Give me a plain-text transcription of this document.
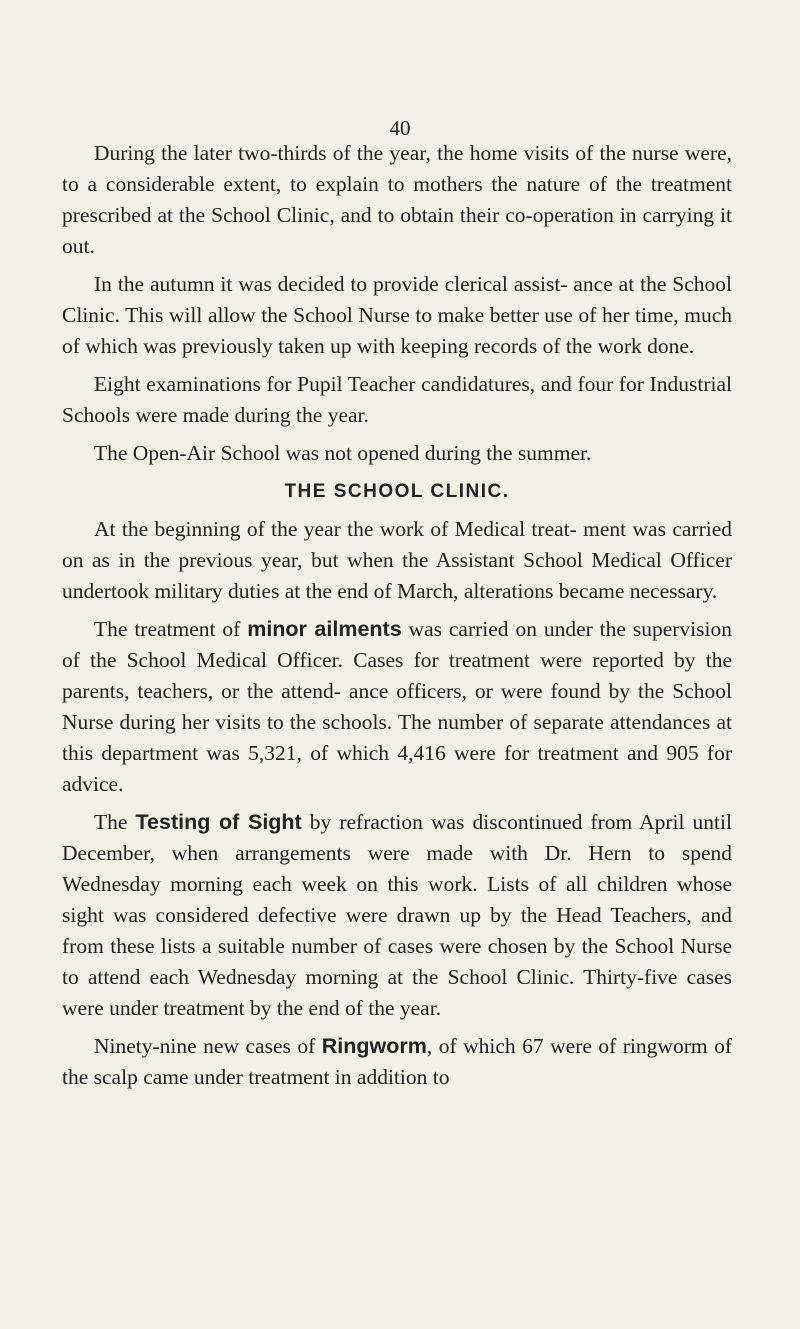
40

During the later two-thirds of the year, the home visits of the nurse were, to a considerable extent, to explain to mothers the nature of the treatment prescribed at the School Clinic, and to obtain their co-operation in carrying it out.

In the autumn it was decided to provide clerical assist- ance at the School Clinic. This will allow the School Nurse to make better use of her time, much of which was previously taken up with keeping records of the work done.

Eight examinations for Pupil Teacher candidatures, and four for Industrial Schools were made during the year.

The Open-Air School was not opened during the summer.

THE SCHOOL CLINIC.

At the beginning of the year the work of Medical treat- ment was carried on as in the previous year, but when the Assistant School Medical Officer undertook military duties at the end of March, alterations became necessary.

The treatment of minor ailments was carried on under the supervision of the School Medical Officer. Cases for treatment were reported by the parents, teachers, or the attend- ance officers, or were found by the School Nurse during her visits to the schools. The number of separate attendances at this department was 5,321, of which 4,416 were for treatment and 905 for advice.

The Testing of Sight by refraction was discontinued from April until December, when arrangements were made with Dr. Hern to spend Wednesday morning each week on this work. Lists of all children whose sight was considered defective were drawn up by the Head Teachers, and from these lists a suitable number of cases were chosen by the School Nurse to attend each Wednesday morning at the School Clinic. Thirty-five cases were under treatment by the end of the year.

Ninety-nine new cases of Ringworm, of which 67 were of ringworm of the scalp came under treatment in addition to
